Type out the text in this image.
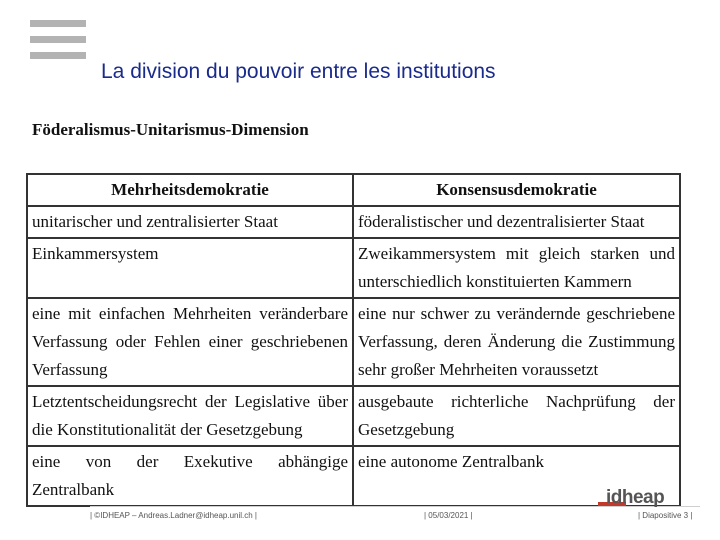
La division du pouvoir entre les institutions
Föderalismus-Unitarismus-Dimension
Mehrheitsdemokratie	Konsensusdemokratie
unitarischer und zentralisierter Staat	föderalistischer und dezentralisierter Staat
Einkammersystem	Zweikammersystem mit gleich starken und unterschiedlich konstituierten Kammern
eine mit einfachen Mehrheiten veränderbare Verfassung oder Fehlen einer geschriebenen Verfassung	eine nur schwer zu verändernde geschriebene Verfassung, deren Änderung die Zustimmung sehr großer Mehrheiten voraussetzt
Letztentscheidungsrecht der Legislative über die Konstitutionalität der Gesetzgebung	ausgebaute richterliche Nachprüfung der Gesetzgebung
eine von der Exekutive abhängige Zentralbank	eine autonome Zentralbank
idheap
| ©IDHEAP – Andreas.Ladner@idheap.unil.ch |	| 05/03/2021 |	| Diapositive 3 |
